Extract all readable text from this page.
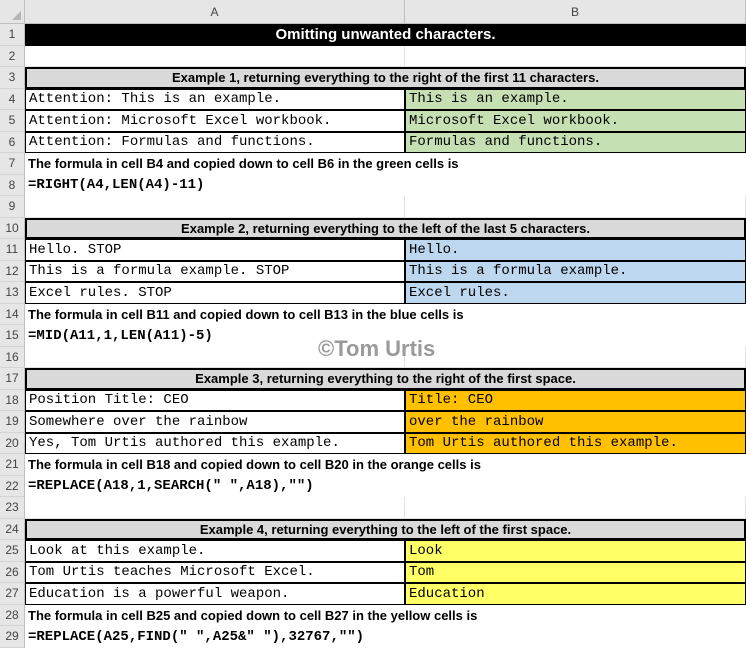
A	B
1	Omitting unwanted characters.
2
3	Example 1, returning everything to the right of the first 11 characters.
4 Attention: This is an example.	This is an example.
5 Attention: Microsoft Excel workbook.	Microsoft Excel workbook.
6 Attention: Formulas and functions.	Formulas and functions.
7 The formula in cell B4 and copied down to cell B6 in the green cells is
8 =RIGHT(A4,LEN(A4)-11)
9
10	Example 2, returning everything to the left of the last 5 characters.
11 Hello. STOP	Hello.
12 This is a formula example. STOP	This is a formula example.
13 Excel rules. STOP	Excel rules.
14 The formula in cell B11 and copied down to cell B13 in the blue cells is
15 =MID(A11,1,LEN(A11)-5)
16
17	Example 3, returning everything to the right of the first space.
18 Position Title: CEO	Title: CEO
19 Somewhere over the rainbow	over the rainbow
20 Yes, Tom Urtis authored this example.	Tom Urtis authored this example.
21 The formula in cell B18 and copied down to cell B20 in the orange cells is
22 =REPLACE(A18,1,SEARCH(" ",A18),"")
23
24	Example 4, returning everything to the left of the first space.
25 Look at this example.	Look
26 Tom Urtis teaches Microsoft Excel.	Tom
27 Education is a powerful weapon.	Education
28 The formula in cell B25 and copied down to cell B27 in the yellow cells is
29 =REPLACE(A25,FIND(" ",A25&" "),32767,"")
©Tom Urtis
